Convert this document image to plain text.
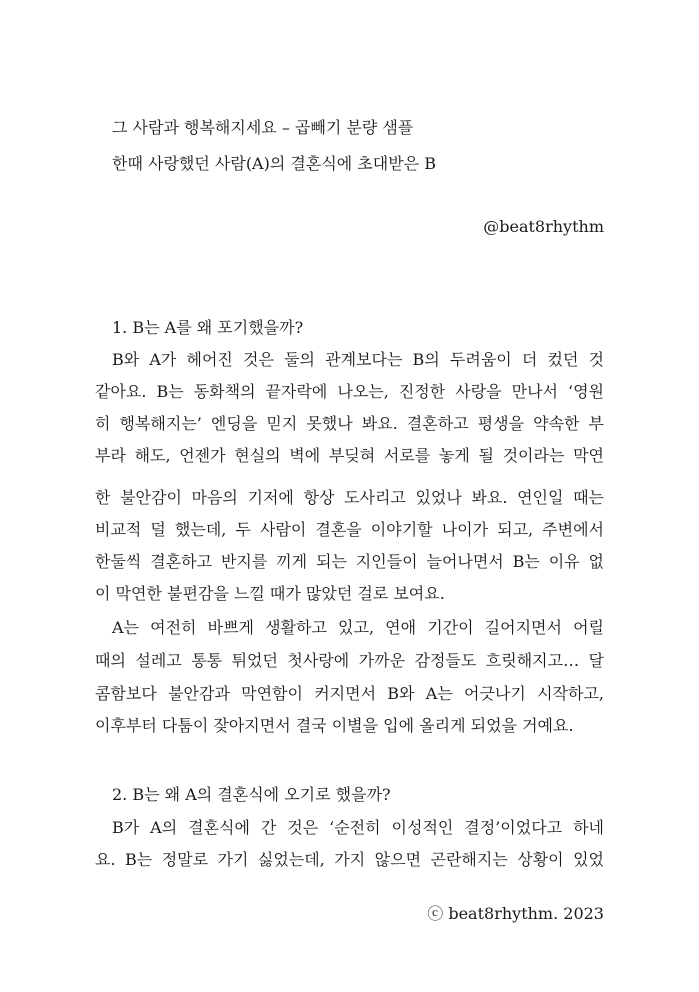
그 사람과 행복해지세요 – 곱빼기 분량 샘플
한때 사랑했던 사람(A)의 결혼식에 초대받은 B
@beat8rhythm
1. B는 A를 왜 포기했을까?
B와 A가 헤어진 것은 둘의 관계보다는 B의 두려움이 더 컸던 것
같아요. B는 동화책의 끝자락에 나오는, 진정한 사랑을 만나서 ‘영원
히 행복해지는’ 엔딩을 믿지 못했나 봐요. 결혼하고 평생을 약속한 부
부라 해도, 언젠가 현실의 벽에 부딪혀 서로를 놓게 될 것이라는 막연
한 불안감이 마음의 기저에 항상 도사리고 있었나 봐요. 연인일 때는
비교적 덜 했는데, 두 사람이 결혼을 이야기할 나이가 되고, 주변에서
한둘씩 결혼하고 반지를 끼게 되는 지인들이 늘어나면서 B는 이유 없
이 막연한 불편감을 느낄 때가 많았던 걸로 보여요.
A는 여전히 바쁘게 생활하고 있고, 연애 기간이 길어지면서 어릴
때의 설레고 통통 튀었던 첫사랑에 가까운 감정들도 흐릿해지고… 달
콤함보다 불안감과 막연함이 커지면서 B와 A는 어긋나기 시작하고,
이후부터 다툼이 잦아지면서 결국 이별을 입에 올리게 되었을 거예요.
2. B는 왜 A의 결혼식에 오기로 했을까?
B가 A의 결혼식에 간 것은 ‘순전히 이성적인 결정’이었다고 하네
요. B는 정말로 가기 싫었는데, 가지 않으면 곤란해지는 상황이 있었
ⓒ beat8rhythm. 2023
